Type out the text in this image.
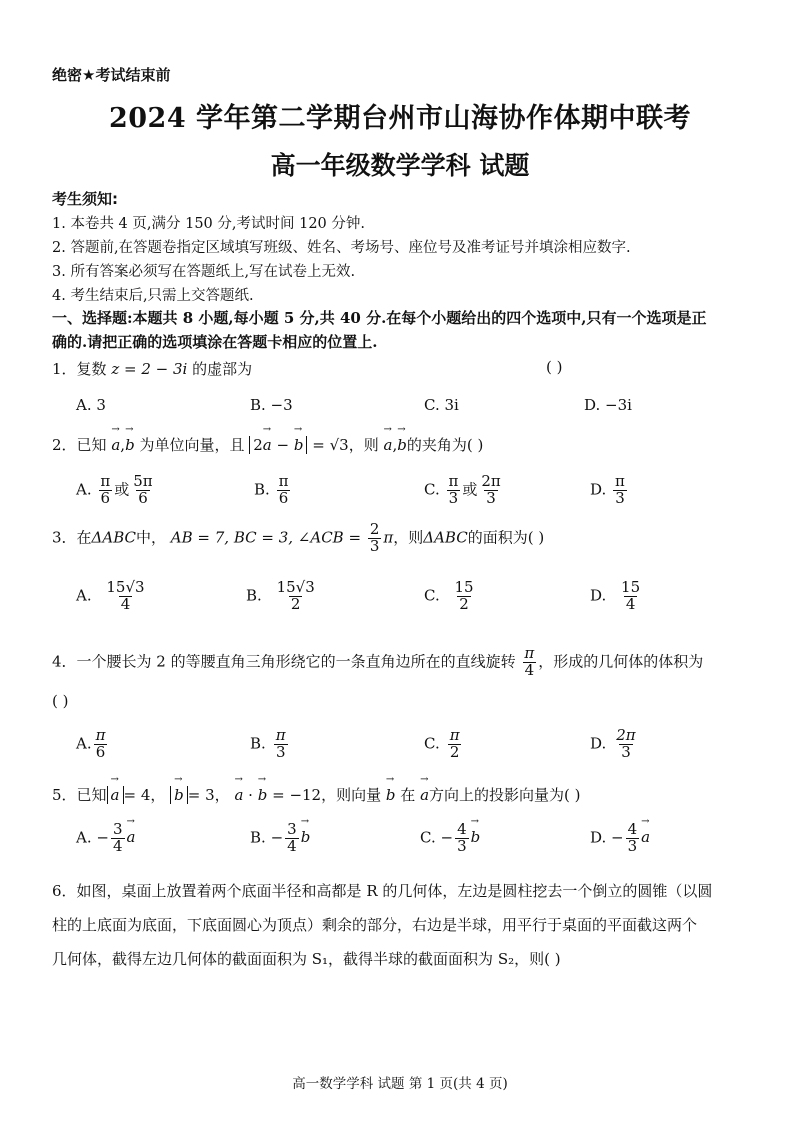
绝密★考试结束前
2024 学年第二学期台州市山海协作体期中联考
高一年级数学学科 试题
考生须知:
1. 本卷共 4 页,满分 150 分,考试时间 120 分钟.
2. 答题前,在答题卷指定区域填写班级、姓名、考场号、座位号及准考证号并填涂相应数字.
3. 所有答案必须写在答题纸上,写在试卷上无效.
4. 考生结束后,只需上交答题纸.
一、选择题:本题共 8 小题,每小题 5 分,共 40 分.在每个小题给出的四个选项中,只有一个选项是正
确的.请把正确的选项填涂在答题卡相应的位置上.
1．复数 z = 2 − 3i 的虚部为	( )
A. 3	B. −3	C. 3i	D. −3i
2．已知 → a,→ b 为单位向量，且 2→ a − → b = √3，则 → a,→ b的夹角为( )
A. $\frac{\pi}{6}$ 或 $\frac{5\pi}{6}$	B. $\frac{\pi}{6}$	C. $\frac{\pi}{3}$ 或 $\frac{2\pi}{3}$	D. $\frac{\pi}{3}$
3．在ΔABC中， AB = 7, BC = 3, ∠ACB = $\frac{2}{3}$ π，则ΔABC的面积为( )
A. $\frac{15√3}{4}$	B. $\frac{15√3}{2}$	C. $\frac{15}{2}$	D. $\frac{15}{4}$
4．一个腰长为 2 的等腰直角三角形绕它的一条直角边所在的直线旋转 $\frac{\pi}{4}$ ，形成的几何体的体积为
( )
A. $\frac{\pi}{6}$	B. $\frac{\pi}{3}$	C. $\frac{\pi}{2}$	D. $\frac{2\pi}{3}$
5．已知→ a = 4， → b = 3， → a · → b = −12，则向量 → b 在 → a方向上的投影向量为( )
A. − $\frac{3}{4}$
→ a	B. − $\frac{3}{4}$
→ b	C. − $\frac{4}{3}$
→ b	D. − $\frac{4}{3}$
→ a
6．如图，桌面上放置着两个底面半径和高都是 R 的几何体，左边是圆柱挖去一个倒立的圆锥（以圆
柱的上底面为底面，下底面圆心为顶点）剩余的部分，右边是半球，用平行于桌面的平面截这两个
几何体，截得左边几何体的截面面积为 S₁，截得半球的截面面积为 S₂，则( )
高一数学学科 试题 第 1 页(共 4 页)
